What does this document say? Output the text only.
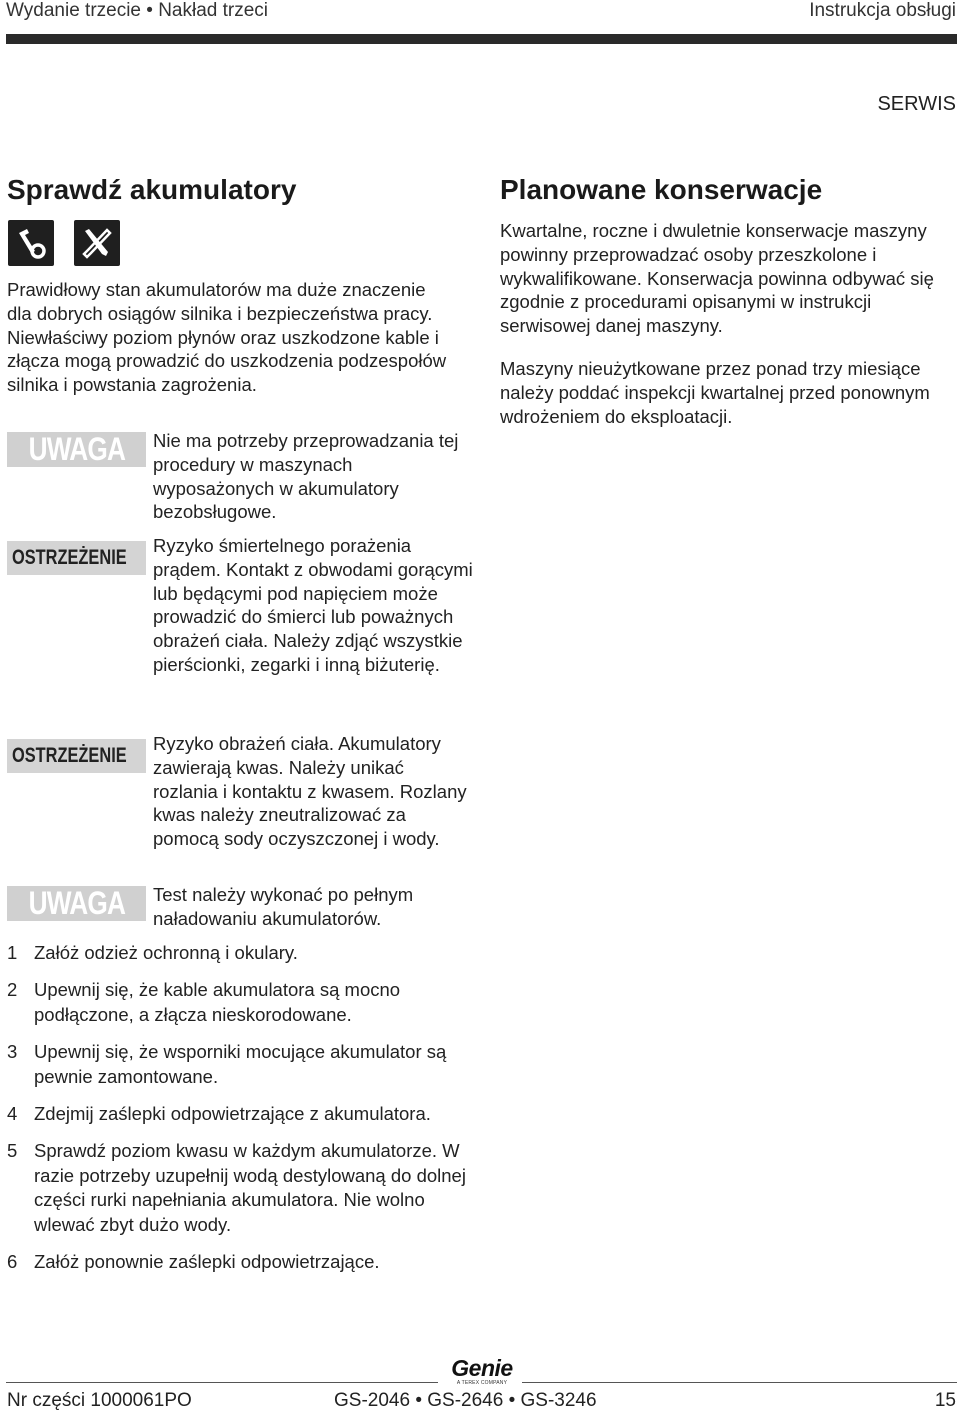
Wydanie trzecie • Nakład trzeci	Instrukcja obsługi
SERWIS
Sprawdź akumulatory

Prawidłowy stan akumulatorów ma duże znaczenie dla dobrych osiągów silnika i bezpieczeństwa pracy. Niewłaściwy poziom płynów oraz uszkodzone kable i złącza mogą prowadzić do uszkodzenia podzespołów silnika i powstania zagrożenia.

UWAGA Nie ma potrzeby przeprowadzania tej procedury w maszynach wyposażonych w akumulatory bezobsługowe.

OSTRZEŻENIE

Ryzyko śmiertelnego porażenia prądem. Kontakt z obwodami gorącymi lub będącymi pod napięciem może prowadzić do śmierci lub poważnych obrażeń ciała. Należy zdjąć wszystkie pierścionki, zegarki i inną biżuterię.

OSTRZEŻENIE

Ryzyko obrażeń ciała. Akumulatory zawierają kwas. Należy unikać rozlania i kontaktu z kwasem. Rozlany kwas należy zneutralizować za pomocą sody oczyszczonej i wody.

UWAGA Test należy wykonać po pełnym naładowaniu akumulatorów.

1 Załóż odzież ochronną i okulary.
2 Upewnij się, że kable akumulatora są mocno podłączone, a złącza nieskorodowane.
3 Upewnij się, że wsporniki mocujące akumulator są pewnie zamontowane.
4 Zdejmij zaślepki odpowietrzające z akumulatora.
5 Sprawdź poziom kwasu w każdym akumulatorze. W razie potrzeby uzupełnij wodą destylowaną do dolnej części rurki napełniania akumulatora. Nie wolno wlewać zbyt dużo wody.
6 Załóż ponownie zaślepki odpowietrzające.
Planowane konserwacje

Kwartalne, roczne i dwuletnie konserwacje maszyny powinny przeprowadzać osoby przeszkolone i wykwalifikowane. Konserwacja powinna odbywać się zgodnie z procedurami opisanymi w instrukcji serwisowej danej maszyny.

Maszyny nieużytkowane przez ponad trzy miesiące należy poddać inspekcji kwartalnej przed ponownym wdrożeniem do eksploatacji.

Genie
A TEREX COMPANY
Nr części 1000061PO	GS-2046 • GS-2646 • GS-3246	15
